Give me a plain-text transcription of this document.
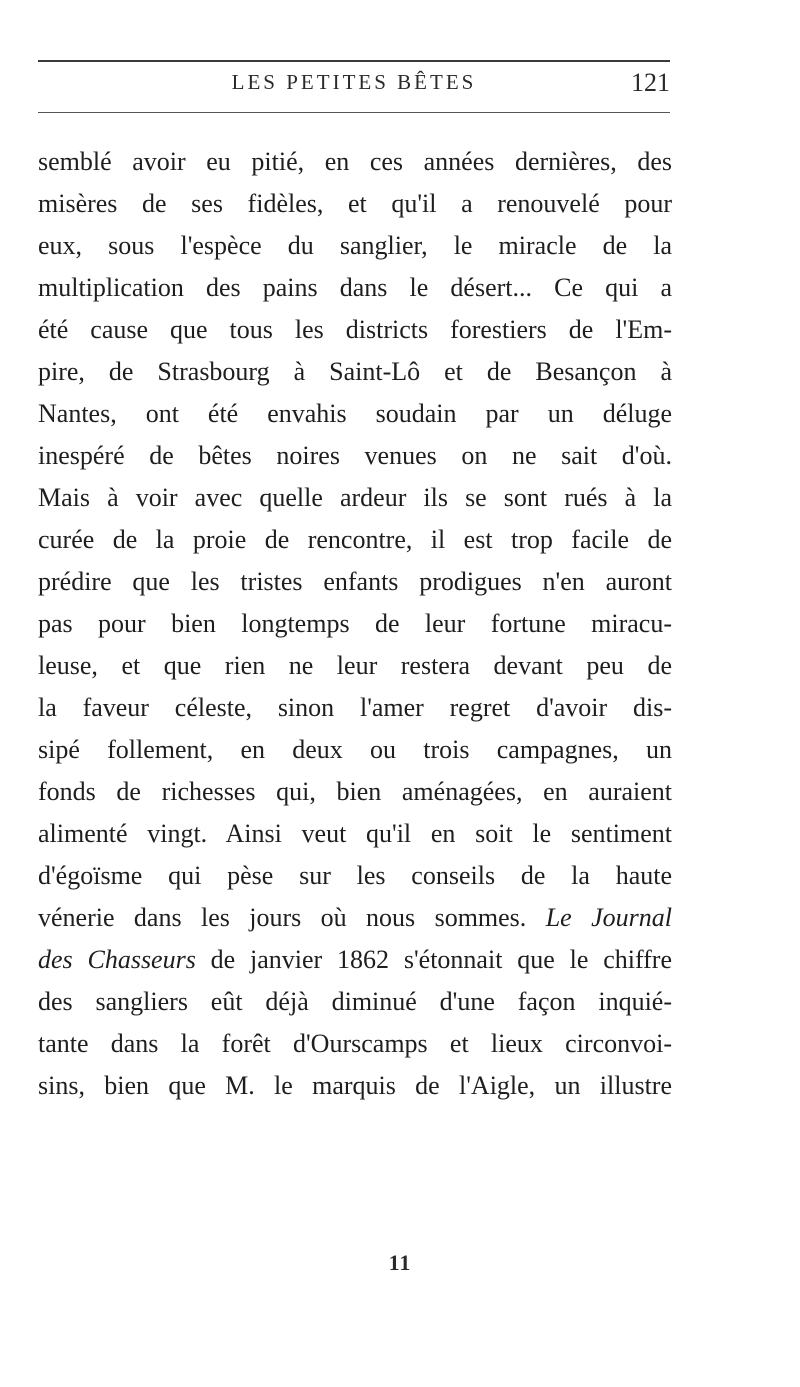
LES PETITES BÊTES	121
semblé avoir eu pitié, en ces années dernières, des
misères de ses fidèles, et qu'il a renouvelé pour
eux, sous l'espèce du sanglier, le miracle de la
multiplication des pains dans le désert... Ce qui a
été cause que tous les districts forestiers de l'Em-
pire, de Strasbourg à Saint-Lô et de Besançon à
Nantes, ont été envahis soudain par un déluge
inespéré de bêtes noires venues on ne sait d'où.
Mais à voir avec quelle ardeur ils se sont rués à la
curée de la proie de rencontre, il est trop facile de
prédire que les tristes enfants prodigues n'en auront
pas pour bien longtemps de leur fortune miracu-
leuse, et que rien ne leur restera devant peu de
la faveur céleste, sinon l'amer regret d'avoir dis-
sipé follement, en deux ou trois campagnes, un
fonds de richesses qui, bien aménagées, en auraient
alimenté vingt. Ainsi veut qu'il en soit le sentiment
d'égoïsme qui pèse sur les conseils de la haute
vénerie dans les jours où nous sommes. Le Journal
des Chasseurs de janvier 1862 s'étonnait que le chiffre
des sangliers eût déjà diminué d'une façon inquié-
tante dans la forêt d'Ourscamps et lieux circonvoi-
sins, bien que M. le marquis de l'Aigle, un illustre
11
